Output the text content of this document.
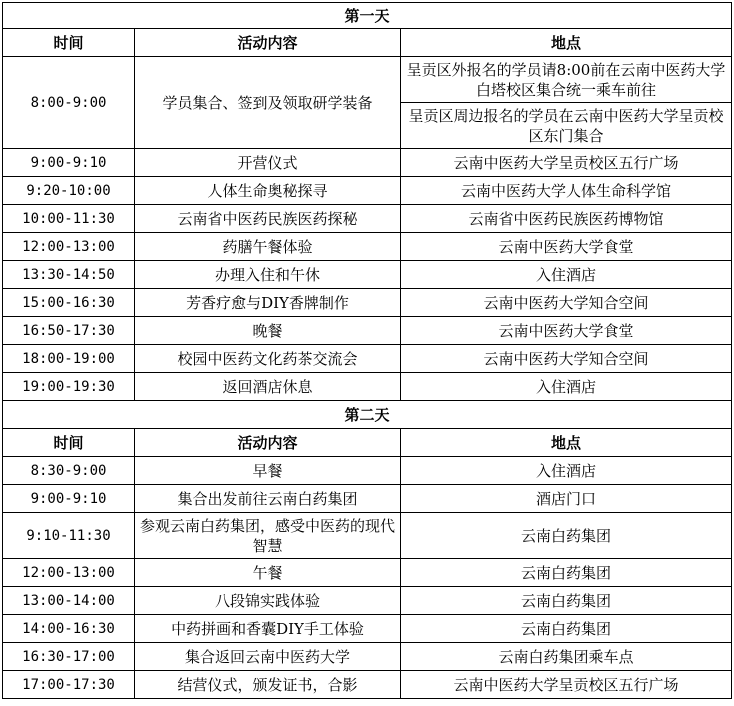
第一天		
时间	活动内容	地点
8:00-9:00	学员集合、签到及领取研学装备	呈贡区外报名的学员请8:00前在云南中医药大学白塔校区集合统一乘车前往
		呈贡区周边报名的学员在云南中医药大学呈贡校区东门集合
9:00-9:10	开营仪式	云南中医药大学呈贡校区五行广场
9:20-10:00	人体生命奥秘探寻	云南中医药大学人体生命科学馆
10:00-11:30	云南省中医药民族医药探秘	云南省中医药民族医药博物馆
12:00-13:00	药膳午餐体验	云南中医药大学食堂
13:30-14:50	办理入住和午休	入住酒店
15:00-16:30	芳香疗愈与DIY香牌制作	云南中医药大学知合空间
16:50-17:30	晚餐	云南中医药大学食堂
18:00-19:00	校园中医药文化药茶交流会	云南中医药大学知合空间
19:00-19:30	返回酒店休息	入住酒店
第二天		
时间	活动内容	地点
8:30-9:00	早餐	入住酒店
9:00-9:10	集合出发前往云南白药集团	酒店门口
9:10-11:30	参观云南白药集团，感受中医药的现代智慧	云南白药集团
12:00-13:00	午餐	云南白药集团
13:00-14:00	八段锦实践体验	云南白药集团
14:00-16:30	中药拼画和香囊DIY手工体验	云南白药集团
16:30-17:00	集合返回云南中医药大学	云南白药集团乘车点
17:00-17:30	结营仪式，颁发证书，合影	云南中医药大学呈贡校区五行广场
